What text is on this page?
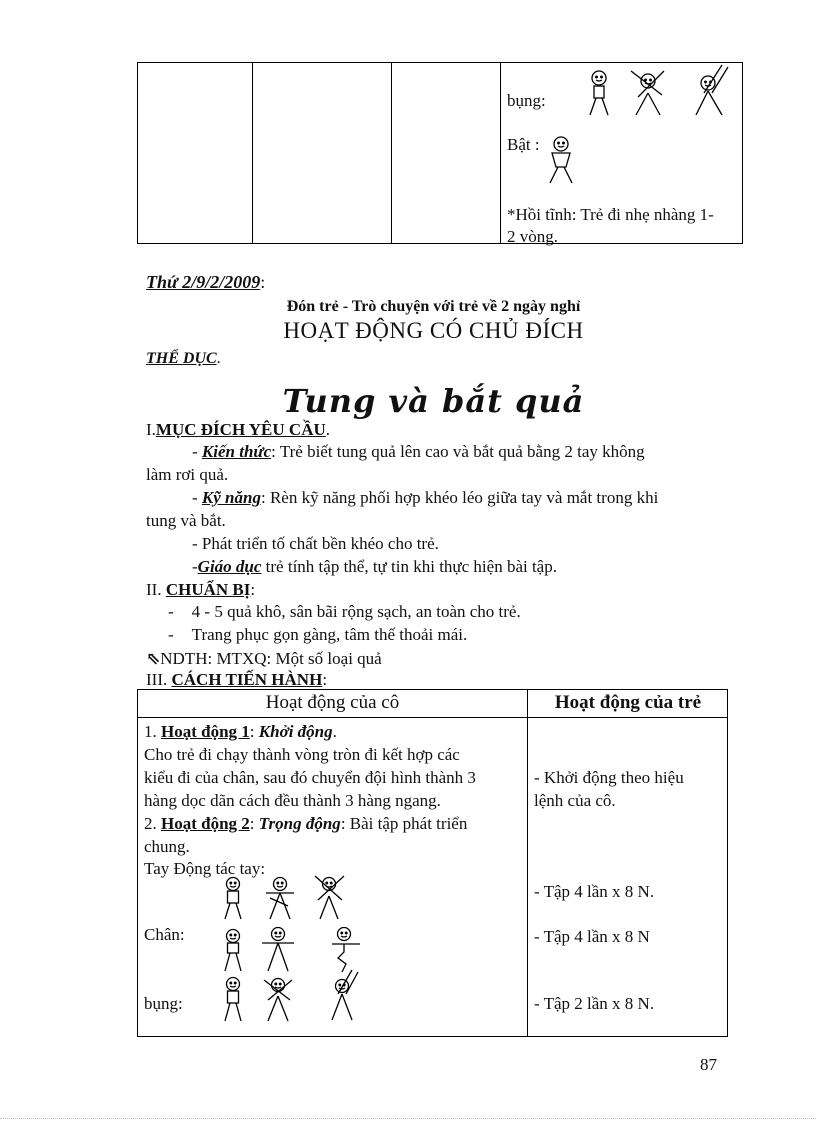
bụng:
Bật :
*Hồi tĩnh: Trẻ đi nhẹ nhàng 1-
2 vòng.
Thứ 2/9/2/2009:
Đón trẻ - Trò chuyện với trẻ về 2 ngày nghỉ
HOẠT ĐỘNG CÓ CHỦ ĐÍCH
THỂ DỤC.
Tung và bắt quả
I.MỤC ĐÍCH YÊU CẦU.
- Kiến thức: Trẻ biết tung quả lên cao và bắt quả bằng 2 tay không
làm rơi quả.
- Kỹ năng: Rèn kỹ năng phối hợp khéo léo giữa tay và mắt trong khi
tung và bắt.
- Phát triển tố chất bền khéo cho trẻ.
-Giáo dục trẻ tính tập thể, tự tin khi thực hiện bài tập.
II. CHUẨN BỊ:
- 4 - 5 quả khô, sân bãi rộng sạch, an toàn cho trẻ.
- Trang phục gọn gàng, tâm thế thoải mái.
⇖NDTH: MTXQ: Một số loại quả
III. CÁCH TIẾN HÀNH:
Hoạt động của cô	Hoạt động của trẻ
1. Hoạt động 1: Khởi động.
Cho trẻ đi chạy thành vòng tròn đi kết hợp các
kiểu đi của chân, sau đó chuyển đội hình thành 3
hàng dọc dãn cách đều thành 3 hàng ngang.
2. Hoạt động 2: Trọng động: Bài tập phát triển
chung.
Tay Động tác tay:
Chân:
bụng:
- Khởi động theo hiệu
lệnh của cô.
- Tập 4 lần x 8 N.
- Tập 4 lần x 8 N
- Tập 2 lần x 8 N.
87
